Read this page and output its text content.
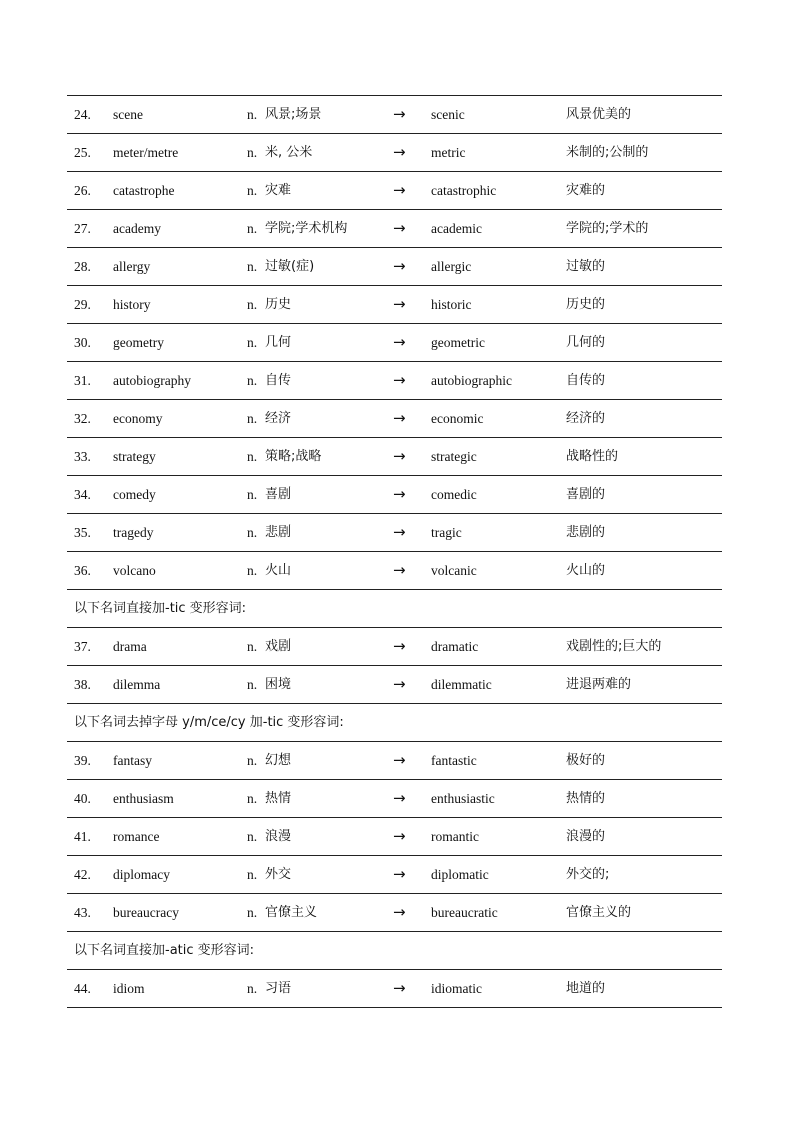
24. scene	n. 风景;场景	→ scenic	风景优美的
25. meter/metre	n. 米, 公米	→ metric	米制的;公制的
26. catastrophe	n. 灾难	→ catastrophic	灾难的
27. academy	n. 学院;学术机构	→ academic	学院的;学术的
28. allergy	n. 过敏(症)	→ allergic	过敏的
29. history	n. 历史	→ historic	历史的
30. geometry	n. 几何	→ geometric	几何的
31. autobiography	n. 自传	→ autobiographic	自传的
32. economy	n. 经济	→ economic	经济的
33. strategy	n. 策略;战略	→ strategic	战略性的
34. comedy	n. 喜剧	→ comedic	喜剧的
35. tragedy	n. 悲剧	→ tragic	悲剧的
36. volcano	n. 火山	→ volcanic	火山的
以下名词直接加-tic 变形容词:
37. drama	n. 戏剧	→ dramatic	戏剧性的;巨大的
38. dilemma	n. 困境	→ dilemmatic	进退两难的
以下名词去掉字母 y/m/ce/cy 加-tic 变形容词:
39. fantasy	n. 幻想	→ fantastic	极好的
40. enthusiasm	n. 热情	→ enthusiastic	热情的
41. romance	n. 浪漫	→ romantic	浪漫的
42. diplomacy	n. 外交	→ diplomatic	外交的;
43. bureaucracy	n. 官僚主义	→ bureaucratic	官僚主义的
以下名词直接加-atic 变形容词:
44. idiom	n. 习语	→ idiomatic	地道的
